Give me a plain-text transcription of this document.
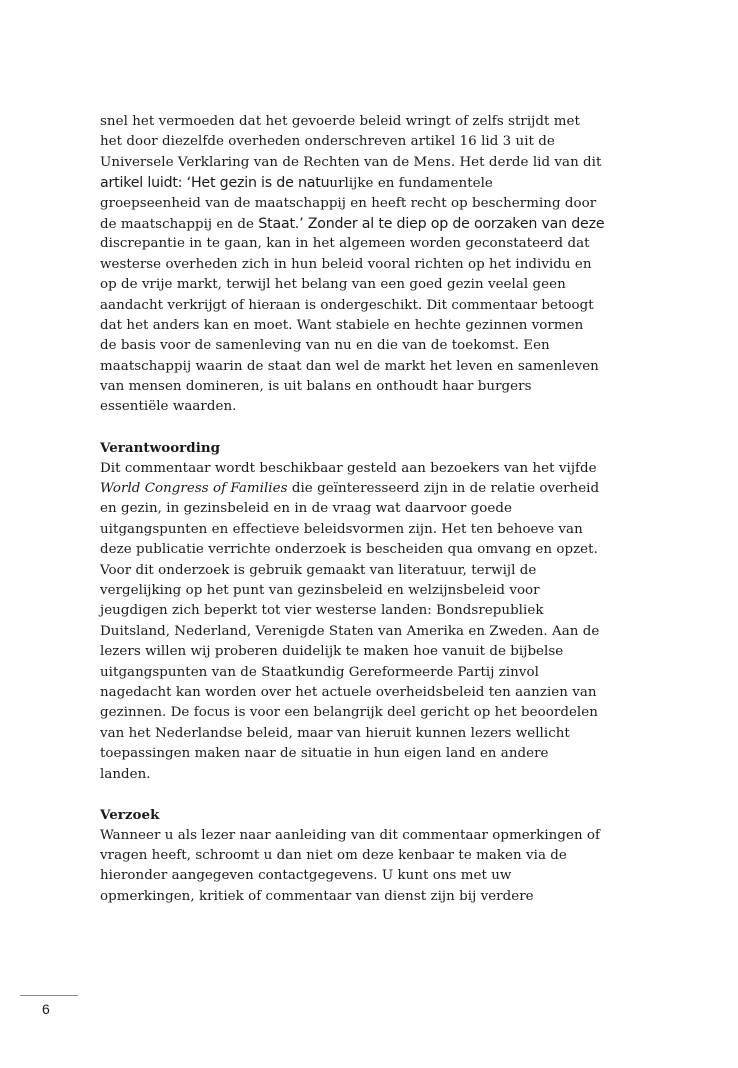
snel het vermoeden dat het gevoerde beleid wringt of zelfs strijdt met
het door diezelfde overheden onderschreven artikel 16 lid 3 uit de
Universele Verklaring van de Rechten van de Mens. Het derde lid van dit
artikel luidt: ‘Het gezin is de natuurlijke en fundamentele
groepseenheid van de maatschappij en heeft recht op bescherming door
de maatschappij en de Staat.’ Zonder al te diep op de oorzaken van deze
discrepantie in te gaan, kan in het algemeen worden geconstateerd dat
westerse overheden zich in hun beleid vooral richten op het individu en
op de vrije markt, terwijl het belang van een goed gezin veelal geen
aandacht verkrijgt of hieraan is ondergeschikt. Dit commentaar betoogt
dat het anders kan en moet. Want stabiele en hechte gezinnen vormen
de basis voor de samenleving van nu en die van de toekomst. Een
maatschappij waarin de staat dan wel de markt het leven en samenleven
van mensen domineren, is uit balans en onthoudt haar burgers
essentiële waarden.
Verantwoording
Dit commentaar wordt beschikbaar gesteld aan bezoekers van het vijfde
World Congress of Families die geïnteresseerd zijn in de relatie overheid
en gezin, in gezinsbeleid en in de vraag wat daarvoor goede
uitgangspunten en effectieve beleidsvormen zijn. Het ten behoeve van
deze publicatie verrichte onderzoek is bescheiden qua omvang en opzet.
Voor dit onderzoek is gebruik gemaakt van literatuur, terwijl de
vergelijking op het punt van gezinsbeleid en welzijnsbeleid voor
jeugdigen zich beperkt tot vier westerse landen: Bondsrepubliek
Duitsland, Nederland, Verenigde Staten van Amerika en Zweden. Aan de
lezers willen wij proberen duidelijk te maken hoe vanuit de bijbelse
uitgangspunten van de Staatkundig Gereformeerde Partij zinvol
nagedacht kan worden over het actuele overheidsbeleid ten aanzien van
gezinnen. De focus is voor een belangrijk deel gericht op het beoordelen
van het Nederlandse beleid, maar van hieruit kunnen lezers wellicht
toepassingen maken naar de situatie in hun eigen land en andere
landen.
Verzoek
Wanneer u als lezer naar aanleiding van dit commentaar opmerkingen of
vragen heeft, schroomt u dan niet om deze kenbaar te maken via de
hieronder aangegeven contactgegevens. U kunt ons met uw
opmerkingen, kritiek of commentaar van dienst zijn bij verdere
6
